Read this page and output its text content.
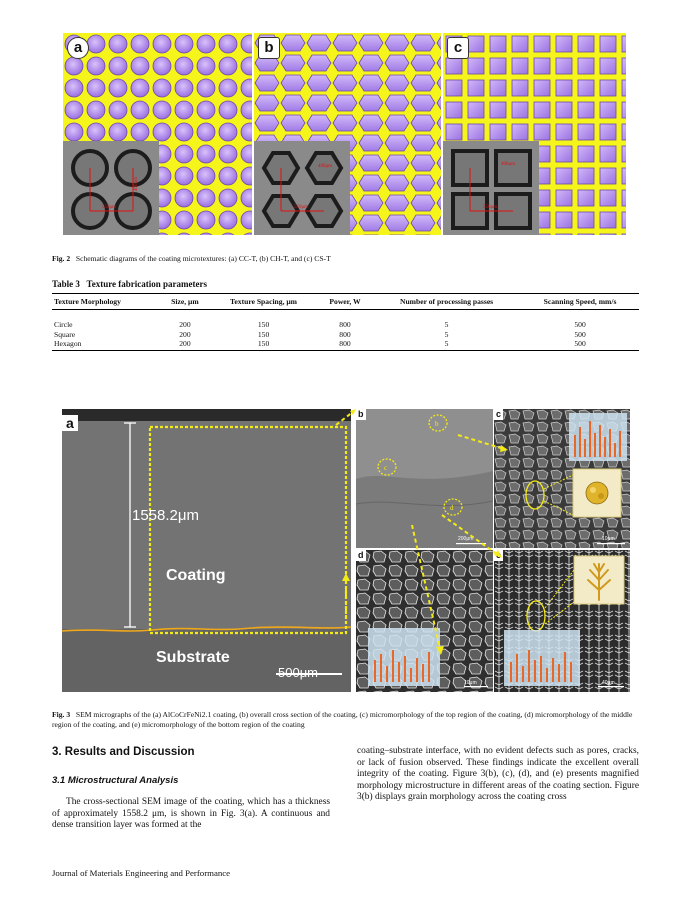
a
400μm
550μm
b
400μm
550μm
c
400μm
550μm
Fig. 2 Schematic diagrams of the coating microtextures: (a) CC-T, (b) CH-T, and (c) CS-T
Table 3 Texture fabrication parameters
Texture Morphology	Size, μm	Texture Spacing, μm	Power, W	Number of processing passes	Scanning Speed, mm/s
Circle	200	150	800	5	500
Square	200	150	800	5	500
Hexagon	200	150	800	5	500
a
1558.2μm
Coating
Substrate
500μm
b
c
d
b
200μm
c
10μm
d
10μm	40μm
Fig. 3 SEM micrographs of the (a) AlCoCrFeNi2.1 coating, (b) overall cross section of the coating, (c) micromorphology of the top region of the coating, (d) micromorphology of the middle region of the coating, and (e) micromorphology of the bottom region of the coating
3. Results and Discussion
3.1 Microstructural Analysis
The cross-sectional SEM image of the coating, which has a thickness of approximately 1558.2 μm, is shown in Fig. 3(a). A continuous and dense transition layer was formed at the
coating–substrate interface, with no evident defects such as pores, cracks, or lack of fusion observed. These findings indicate the excellent overall integrity of the coating. Figure 3(b), (c), (d), and (e) presents magnified morphology microstructure in different areas of the coating section. Figure 3(b) displays grain morphology across the coating cross
Journal of Materials Engineering and Performance
